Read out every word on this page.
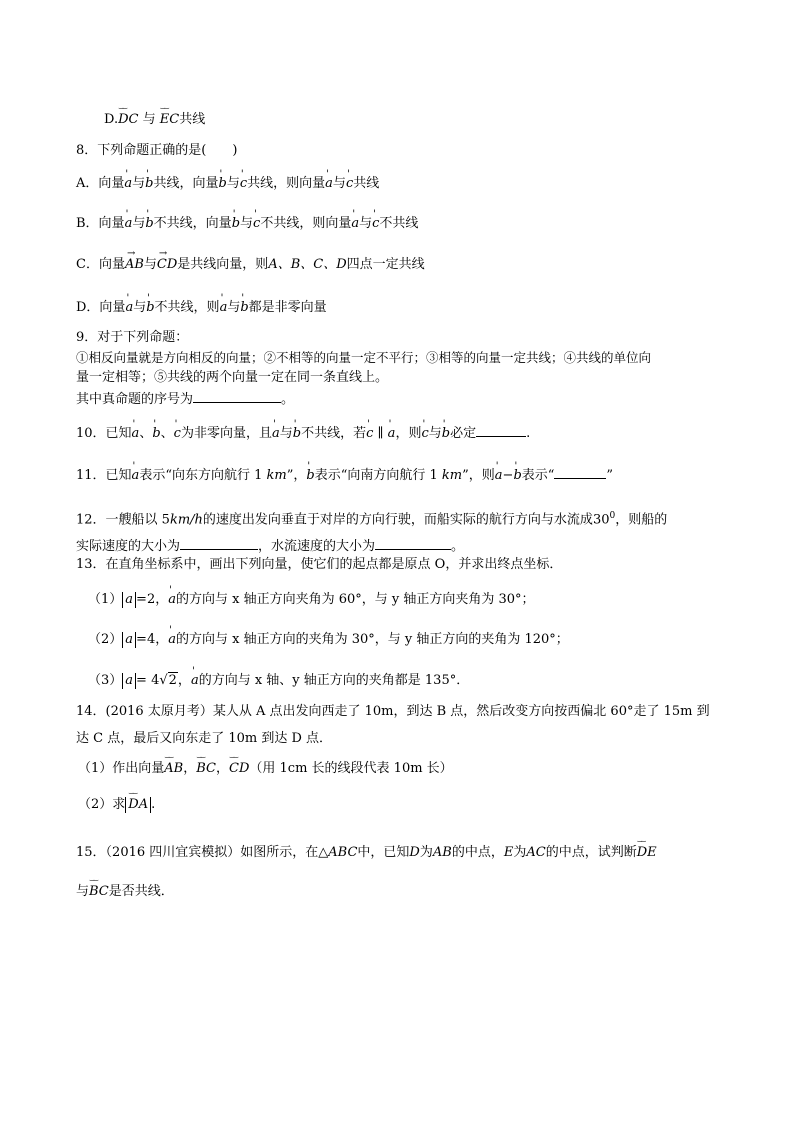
D.⌣⌣ DC 与 ⌣⌣ EC共线
8．下列命题正确的是(　　)
A．向量' a与' b共线，向量' b与' c共线，则向量' a与' c共线
B．向量' a与' b不共线，向量' b与' c不共线，则向量' a与' c不共线
C．向量→ AB与→ CD是共线向量，则A、B、C、D四点一定共线
D．向量' a与' b不共线，则' a与' b都是非零向量
9．对于下列命题：
①相反向量就是方向相反的向量；②不相等的向量一定不平行；③相等的向量一定共线；④共线的单位向
量一定相等；⑤共线的两个向量一定在同一条直线上。
其中真命题的序号为	。
10．已知' a、' b、' c为非零向量，且' a与' b不共线，若' c ∥ ' a，则' c与' b必定	.
11．已知' a表示“向东方向航行 1 km”，' b表示“向南方向航行 1 km”，则' a−' b表示“	”
12．一艘船以 5km/h的速度出发向垂直于对岸的方向行驶，而船实际的航行方向与水流成$30^0$，则船的
实际速度的大小为	，水流速度的大小为	。
13．在直角坐标系中，画出下列向量，使它们的起点都是原点 O，并求出终点坐标．
（1） a =2，' a的方向与 x 轴正方向夹角为 60°，与 y 轴正方向夹角为 30°；
（2） a =4，' a的方向与 x 轴正方向的夹角为 30°，与 y 轴正方向的夹角为 120°；
（3） a = 4√2，' a的方向与 x 轴、y 轴正方向的夹角都是 135°．
14．(2016 太原月考）某人从 A 点出发向西走了 10m，到达 B 点，然后改变方向按西偏北 60°走了 15m 到
达 C 点，最后又向东走了 10m 到达 D 点．
（1）作出向量⌣⌣ AB，⌣⌣ BC，⌣⌣ CD（用 1cm 长的线段代表 10m 长）
（2）求 ⌣⌣ DA .
15．（2016 四川宜宾模拟）如图所示，在△ABC中，已知D为AB的中点，E为AC的中点，试判断⌣⌣ DE
与⌣⌣ BC是否共线．
